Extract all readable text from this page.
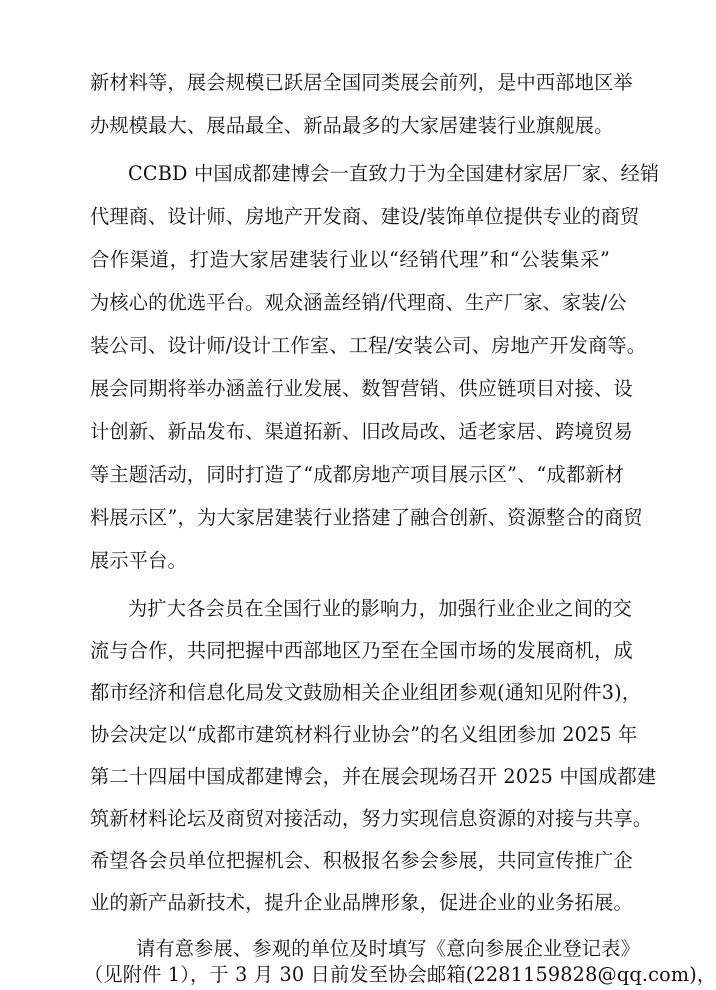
新材料等，展会规模已跃居全国同类展会前列，是中西部地区举
办规模最大、展品最全、新品最多的大家居建装行业旗舰展。
CCBD 中国成都建博会一直致力于为全国建材家居厂家、经销
代理商、设计师、房地产开发商、建设/装饰单位提供专业的商贸
合作渠道，打造大家居建装行业以“经销代理”和“公装集采”
为核心的优选平台。观众涵盖经销/代理商、生产厂家、家装/公
装公司、设计师/设计工作室、工程/安装公司、房地产开发商等。
展会同期将举办涵盖行业发展、数智营销、供应链项目对接、设
计创新、新品发布、渠道拓新、旧改局改、适老家居、跨境贸易
等主题活动，同时打造了“成都房地产项目展示区”、“成都新材
料展示区”，为大家居建装行业搭建了融合创新、资源整合的商贸
展示平台。
为扩大各会员在全国行业的影响力，加强行业企业之间的交
流与合作，共同把握中西部地区乃至在全国市场的发展商机，成
都市经济和信息化局发文鼓励相关企业组团参观(通知见附件3)，
协会决定以“成都市建筑材料行业协会”的名义组团参加 2025 年
第二十四届中国成都建博会，并在展会现场召开 2025 中国成都建
筑新材料论坛及商贸对接活动，努力实现信息资源的对接与共享。
希望各会员单位把握机会、积极报名参会参展，共同宣传推广企
业的新产品新技术，提升企业品牌形象，促进企业的业务拓展。
请有意参展、参观的单位及时填写《意向参展企业登记表》
（见附件 1），于 3 月 30 日前发至协会邮箱(2281159828@qq.com)，
